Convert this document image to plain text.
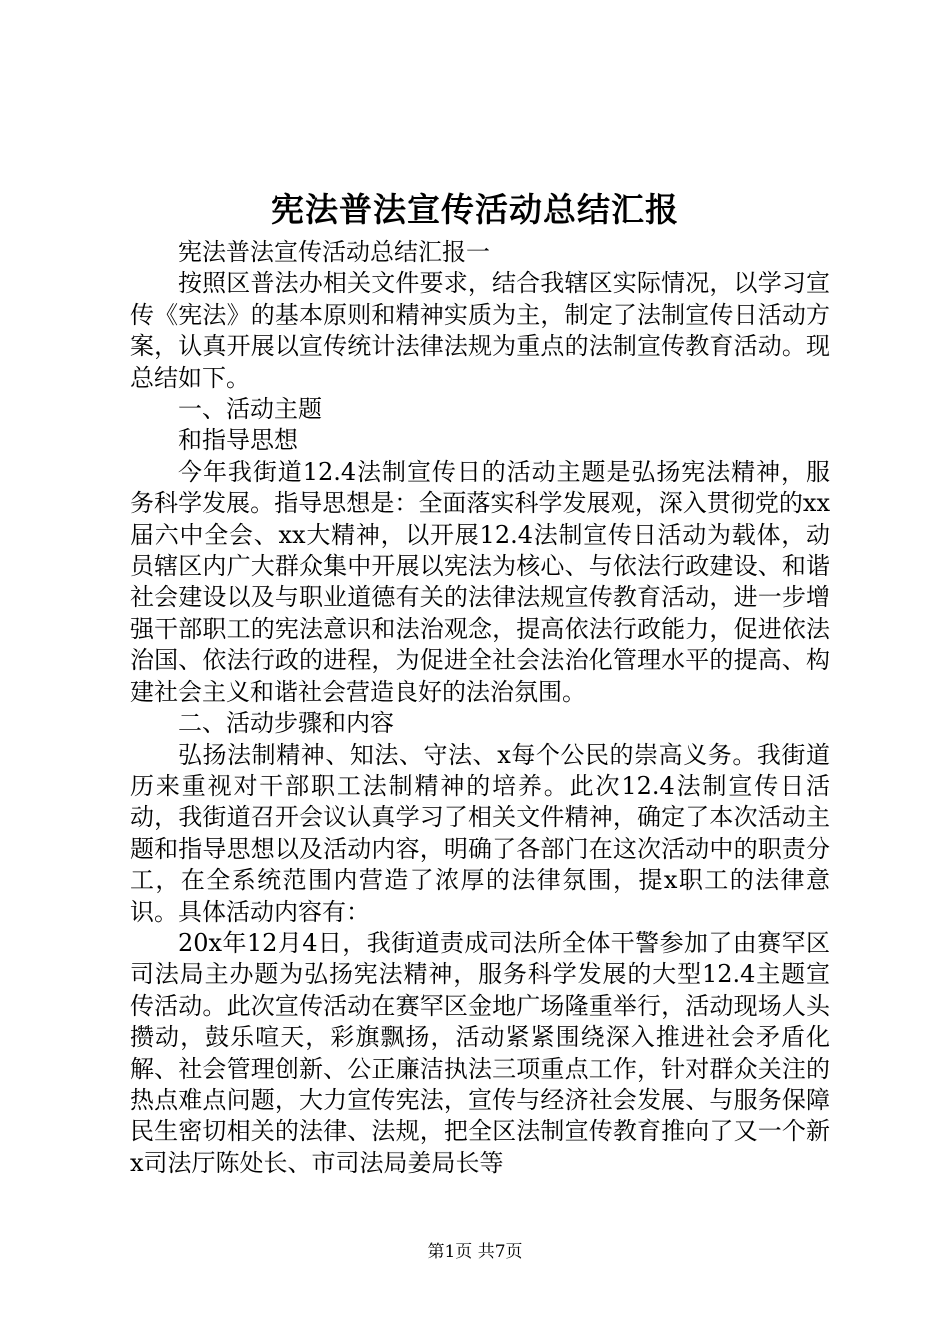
宪法普法宣传活动总结汇报

宪法普法宣传活动总结汇报一

按照区普法办相关文件要求，结合我辖区实际情况，以学习宣传《宪法》的基本原则和精神实质为主，制定了法制宣传日活动方案，认真开展以宣传统计法律法规为重点的法制宣传教育活动。现总结如下。

一、活动主题

和指导思想

今年我街道12.4法制宣传日的活动主题是弘扬宪法精神，服务科学发展。指导思想是：全面落实科学发展观，深入贯彻党的xx届六中全会、xx大精神，以开展12.4法制宣传日活动为载体，动员辖区内广大群众集中开展以宪法为核心、与依法行政建设、和谐社会建设以及与职业道德有关的法律法规宣传教育活动，进一步增强干部职工的宪法意识和法治观念，提高依法行政能力，促进依法治国、依法行政的进程，为促进全社会法治化管理水平的提高、构建社会主义和谐社会营造良好的法治氛围。

二、活动步骤和内容

弘扬法制精神、知法、守法、x每个公民的崇高义务。我街道历来重视对干部职工法制精神的培养。此次12.4法制宣传日活动，我街道召开会议认真学习了相关文件精神，确定了本次活动主题和指导思想以及活动内容，明确了各部门在这次活动中的职责分工，在全系统范围内营造了浓厚的法律氛围，提x职工的法律意识。具体活动内容有：

20x年12月4日，我街道责成司法所全体干警参加了由赛罕区司法局主办题为弘扬宪法精神，服务科学发展的大型12.4主题宣传活动。此次宣传活动在赛罕区金地广场隆重举行，活动现场人头攒动，鼓乐喧天，彩旗飘扬，活动紧紧围绕深入推进社会矛盾化解、社会管理创新、公正廉洁执法三项重点工作，针对群众关注的热点难点问题，大力宣传宪法，宣传与经济社会发展、与服务保障民生密切相关的法律、法规，把全区法制宣传教育推向了又一个新x司法厅陈处长、市司法局姜局长等

第1页 共7页
